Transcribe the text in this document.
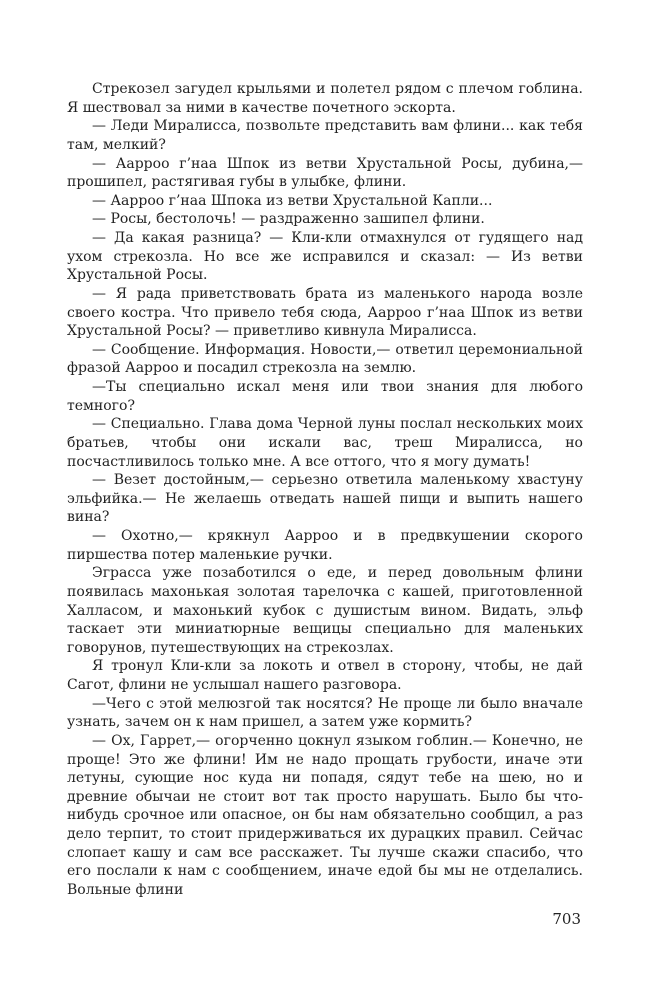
Стрекозел загудел крыльями и полетел рядом с плечом гоблина. Я шествовал за ними в качестве почетного эскорта.

— Леди Миралисса, позвольте представить вам флини... как тебя там, мелкий?

— Ааррoo г’наа Шпок из ветви Хрустальной Росы, дубина,— прошипел, растягивая губы в улыбке, флини.

— Ааррoo г’наа Шпока из ветви Хрустальной Капли...

— Росы, бестолочь! — раздраженно зашипел флини.

— Да какая разница? — Кли-кли отмахнулся от гудящего над ухом стрекозла. Но все же исправился и сказал: — Из ветви Хрустальной Росы.

— Я рада приветствовать брата из маленького народа возле своего костра. Что привело тебя сюда, Ааррoo г’наа Шпок из ветви Хрустальной Росы? — приветливо кивнула Миралисса.

— Сообщение. Информация. Новости,— ответил церемониальной фразой Ааррoo и посадил стрекозла на землю.

—Ты специально искал меня или твои знания для любого темного?

— Специально. Глава дома Черной луны послал нескольких моих братьев, чтобы они искали вас, треш Миралисса, но посчастливилось только мне. А все оттого, что я могу думать!

— Везет достойным,— серьезно ответила маленькому хвастуну эльфийка.— Не желаешь отведать нашей пищи и выпить нашего вина?

— Охотно,— крякнул Ааррoo и в предвкушении скорого пиршества потер маленькие ручки.

Эграсса уже позаботился о еде, и перед довольным флини появилась махонькая золотая тарелочка с кашей, приготовленной Халласом, и махонький кубок с душистым вином. Видать, эльф таскает эти миниатюрные вещицы специально для маленьких говорунов, путешествующих на стрекозлах.

Я тронул Кли-кли за локоть и отвел в сторону, чтобы, не дай Сагот, флини не услышал нашего разговора.

—Чего с этой мелюзгой так носятся? Не проще ли было вначале узнать, зачем он к нам пришел, а затем уже кормить?

— Ох, Гаррет,— огорченно цокнул языком гоблин.— Конечно, не проще! Это же флини! Им не надо прощать грубости, иначе эти летуны, сующие нос куда ни попадя, сядут тебе на шею, но и древние обычаи не стоит вот так просто нарушать. Было бы что-нибудь срочное или опасное, он бы нам обязательно сообщил, а раз дело терпит, то стоит придерживаться их дурацких правил. Сейчас слопает кашу и сам все расскажет. Ты лучше скажи спасибо, что его послали к нам с сообщением, иначе едой бы мы не отделались. Вольные флини

703
